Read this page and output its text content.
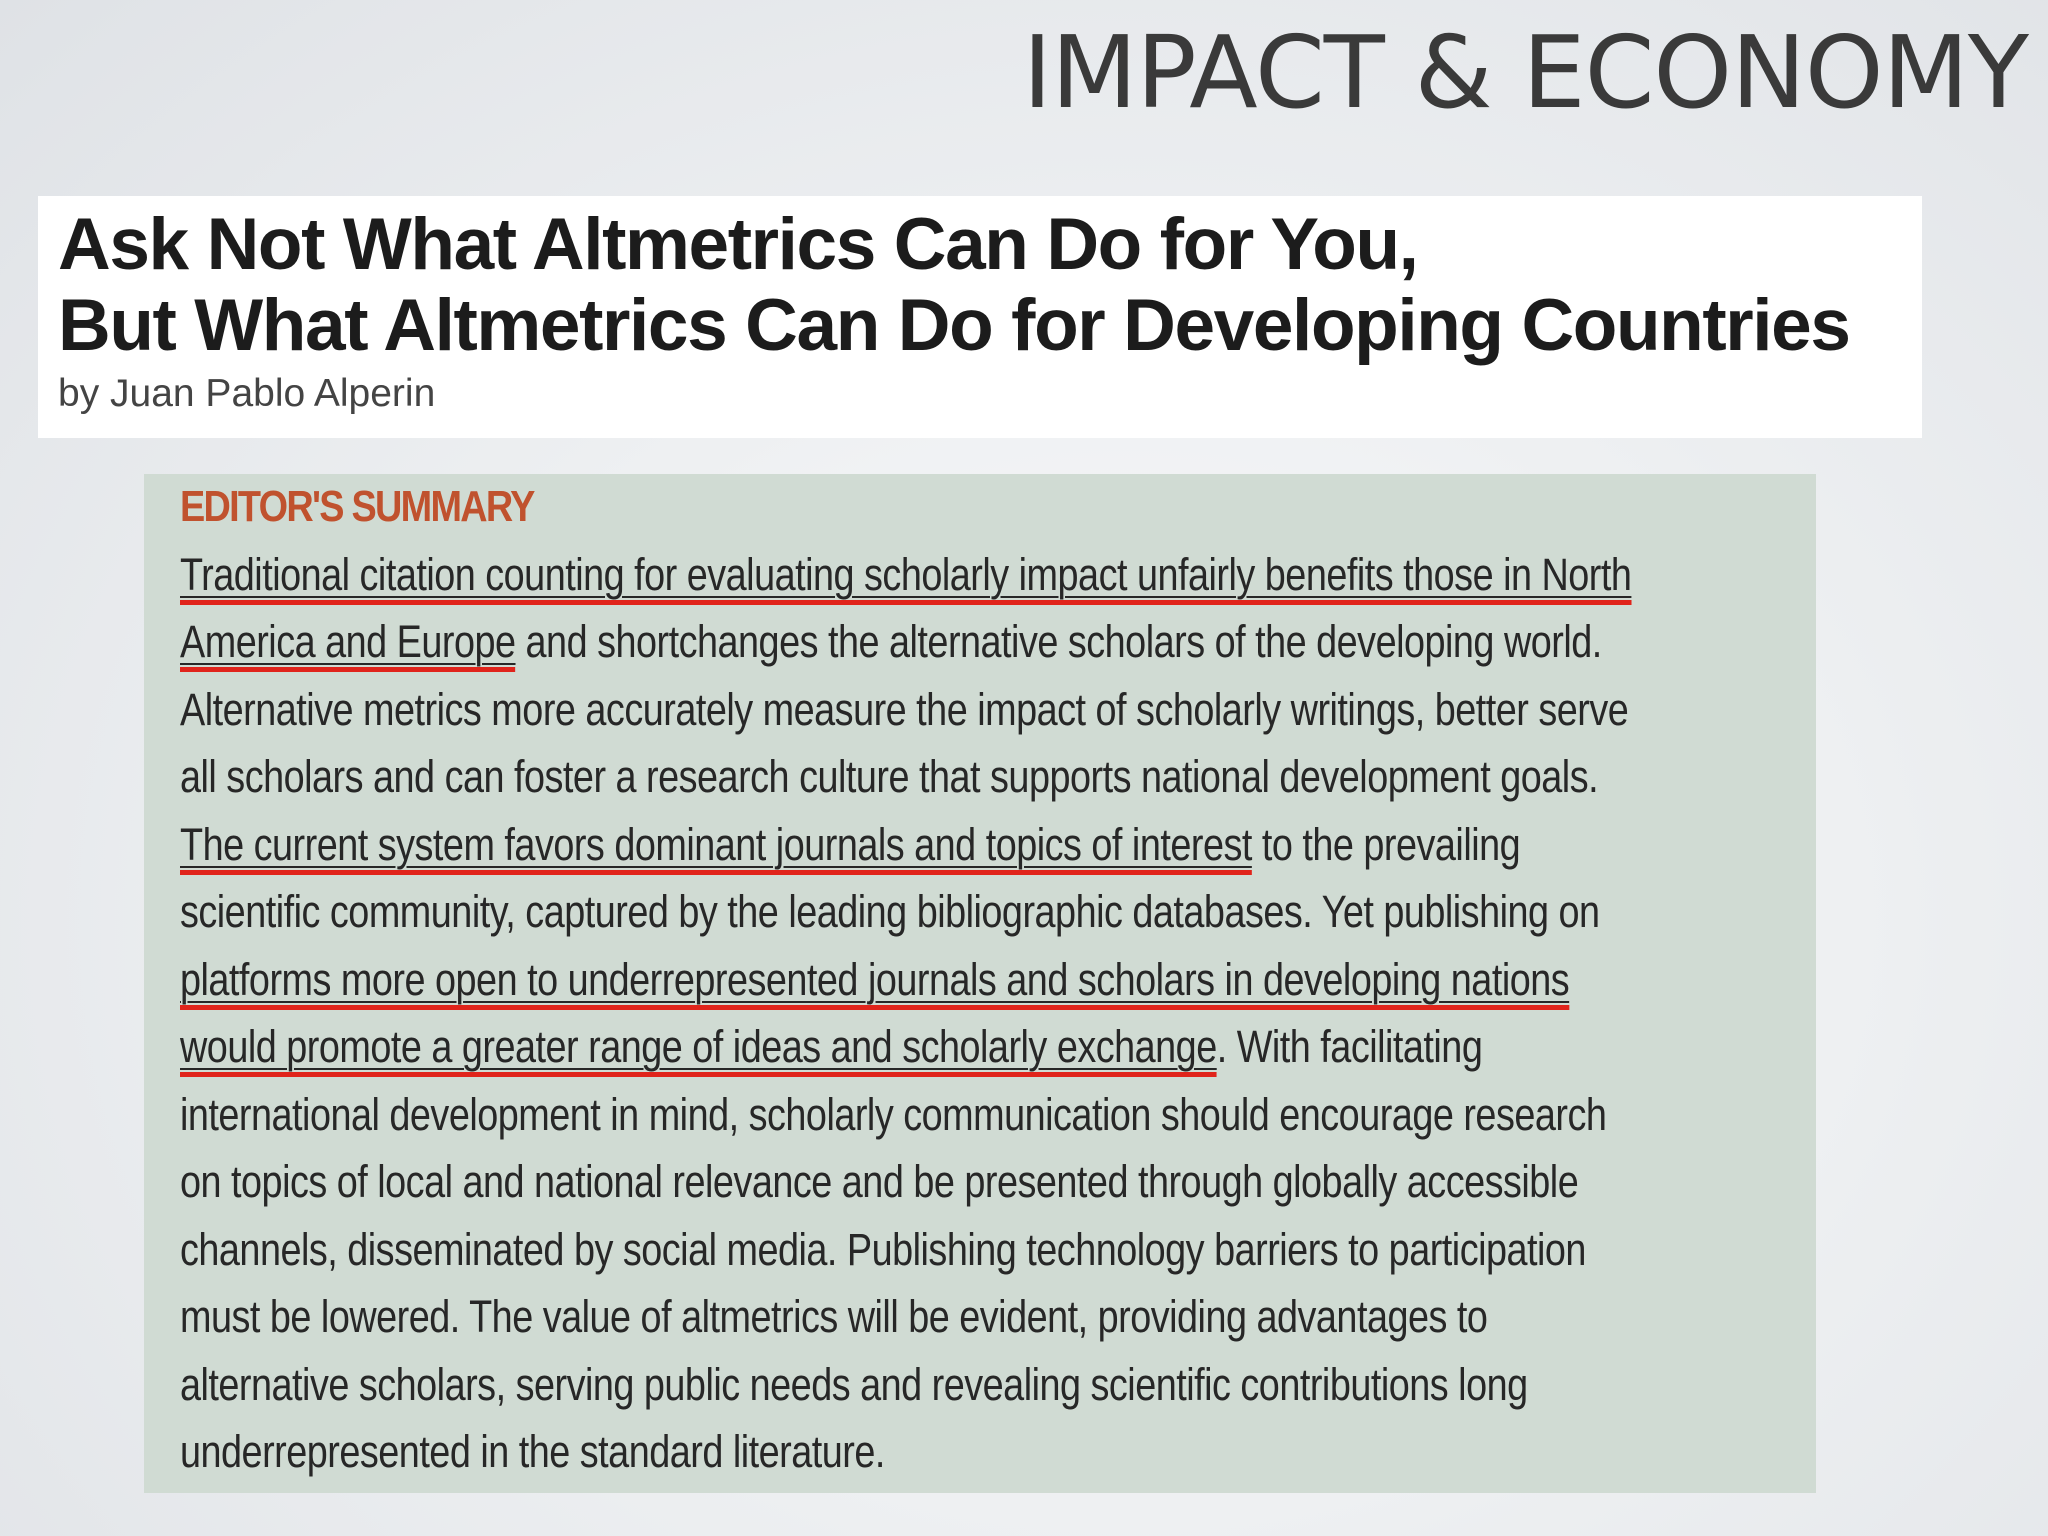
IMPACT & ECONOMY
Ask Not What Altmetrics Can Do for You,
But What Altmetrics Can Do for Developing Countries

by Juan Pablo Alperin

EDITOR'S SUMMARY
Traditional citation counting for evaluating scholarly impact unfairly benefits those in North
America and Europe and shortchanges the alternative scholars of the developing world.
Alternative metrics more accurately measure the impact of scholarly writings, better serve
all scholars and can foster a research culture that supports national development goals.
The current system favors dominant journals and topics of interest to the prevailing
scientific community, captured by the leading bibliographic databases. Yet publishing on
platforms more open to underrepresented journals and scholars in developing nations
would promote a greater range of ideas and scholarly exchange. With facilitating
international development in mind, scholarly communication should encourage research
on topics of local and national relevance and be presented through globally accessible
channels, disseminated by social media. Publishing technology barriers to participation
must be lowered. The value of altmetrics will be evident, providing advantages to
alternative scholars, serving public needs and revealing scientific contributions long
underrepresented in the standard literature.
